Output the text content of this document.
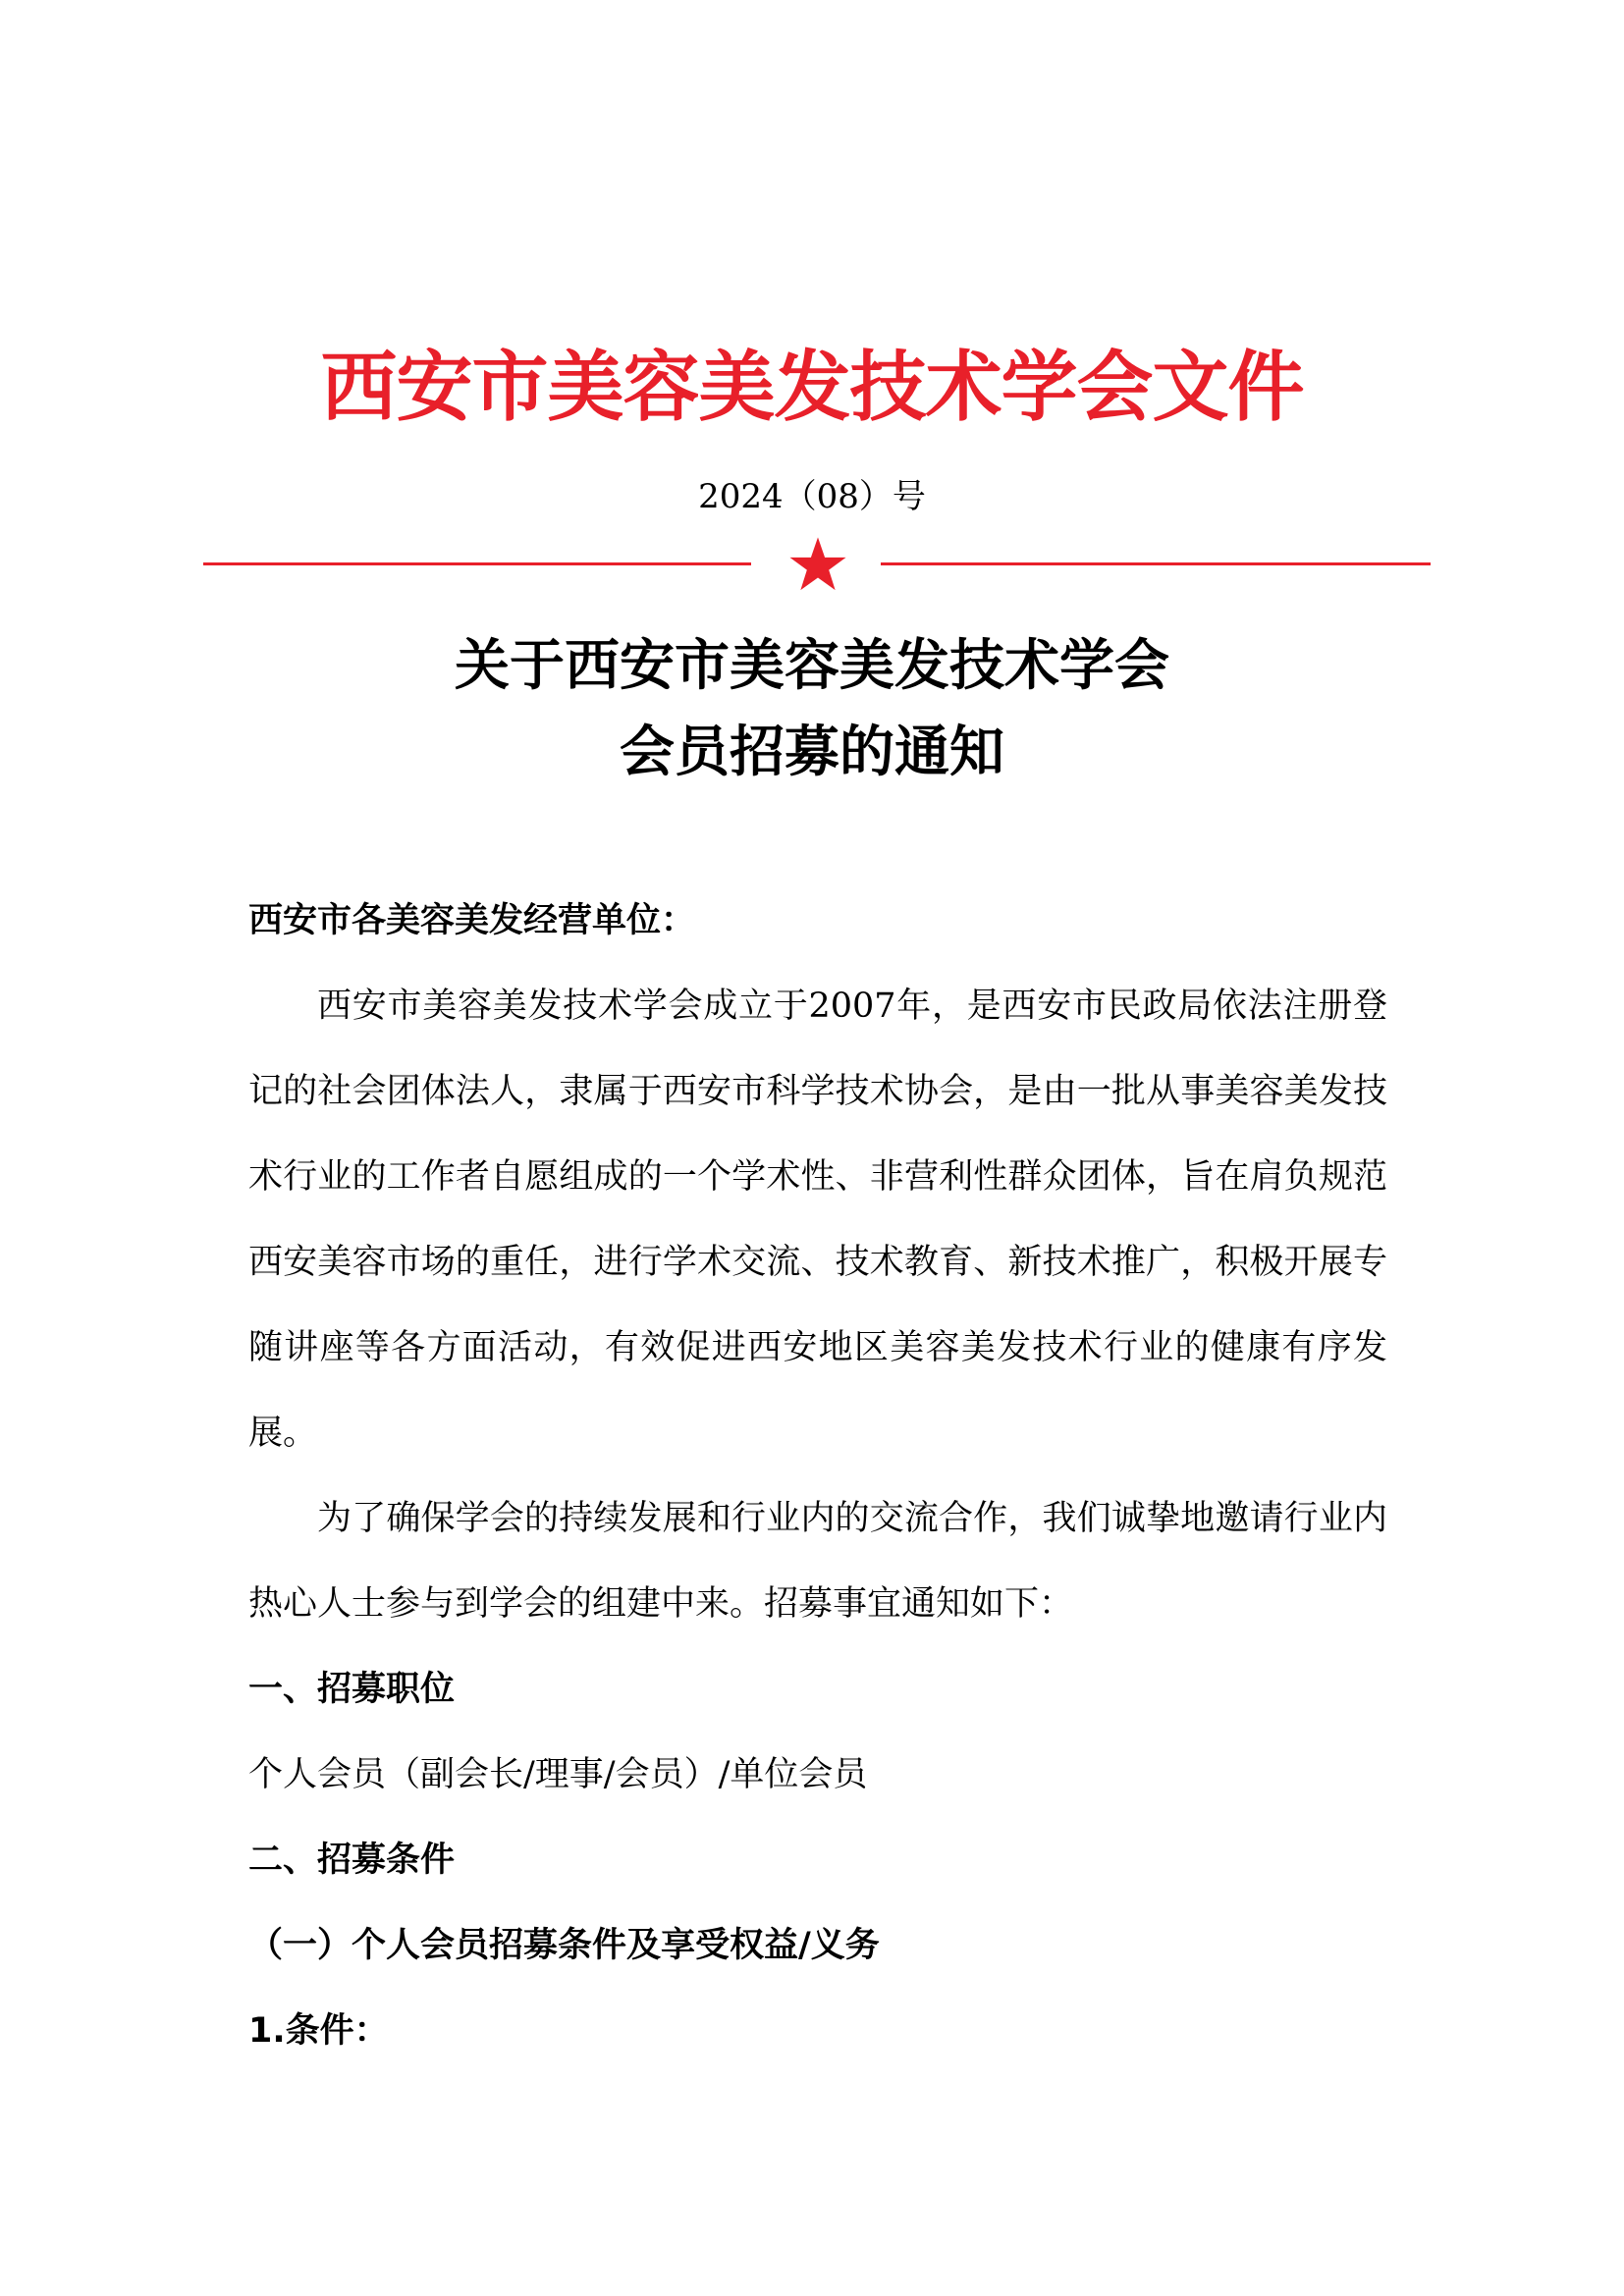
西安市美容美发技术学会文件

2024（08）号

关于西安市美容美发技术学会
会员招募的通知

西安市各美容美发经营单位：

西安市美容美发技术学会成立于2007年，是西安市民政局依法注册登记的社会团体法人，隶属于西安市科学技术协会，是由一批从事美容美发技术行业的工作者自愿组成的一个学术性、非营利性群众团体，旨在肩负规范西安美容市场的重任，进行学术交流、技术教育、新技术推广，积极开展专随讲座等各方面活动，有效促进西安地区美容美发技术行业的健康有序发展。

为了确保学会的持续发展和行业内的交流合作，我们诚挚地邀请行业内热心人士参与到学会的组建中来。招募事宜通知如下：

一、招募职位

个人会员（副会长/理事/会员）/单位会员

二、招募条件

（一）个人会员招募条件及享受权益/义务

1.条件：
